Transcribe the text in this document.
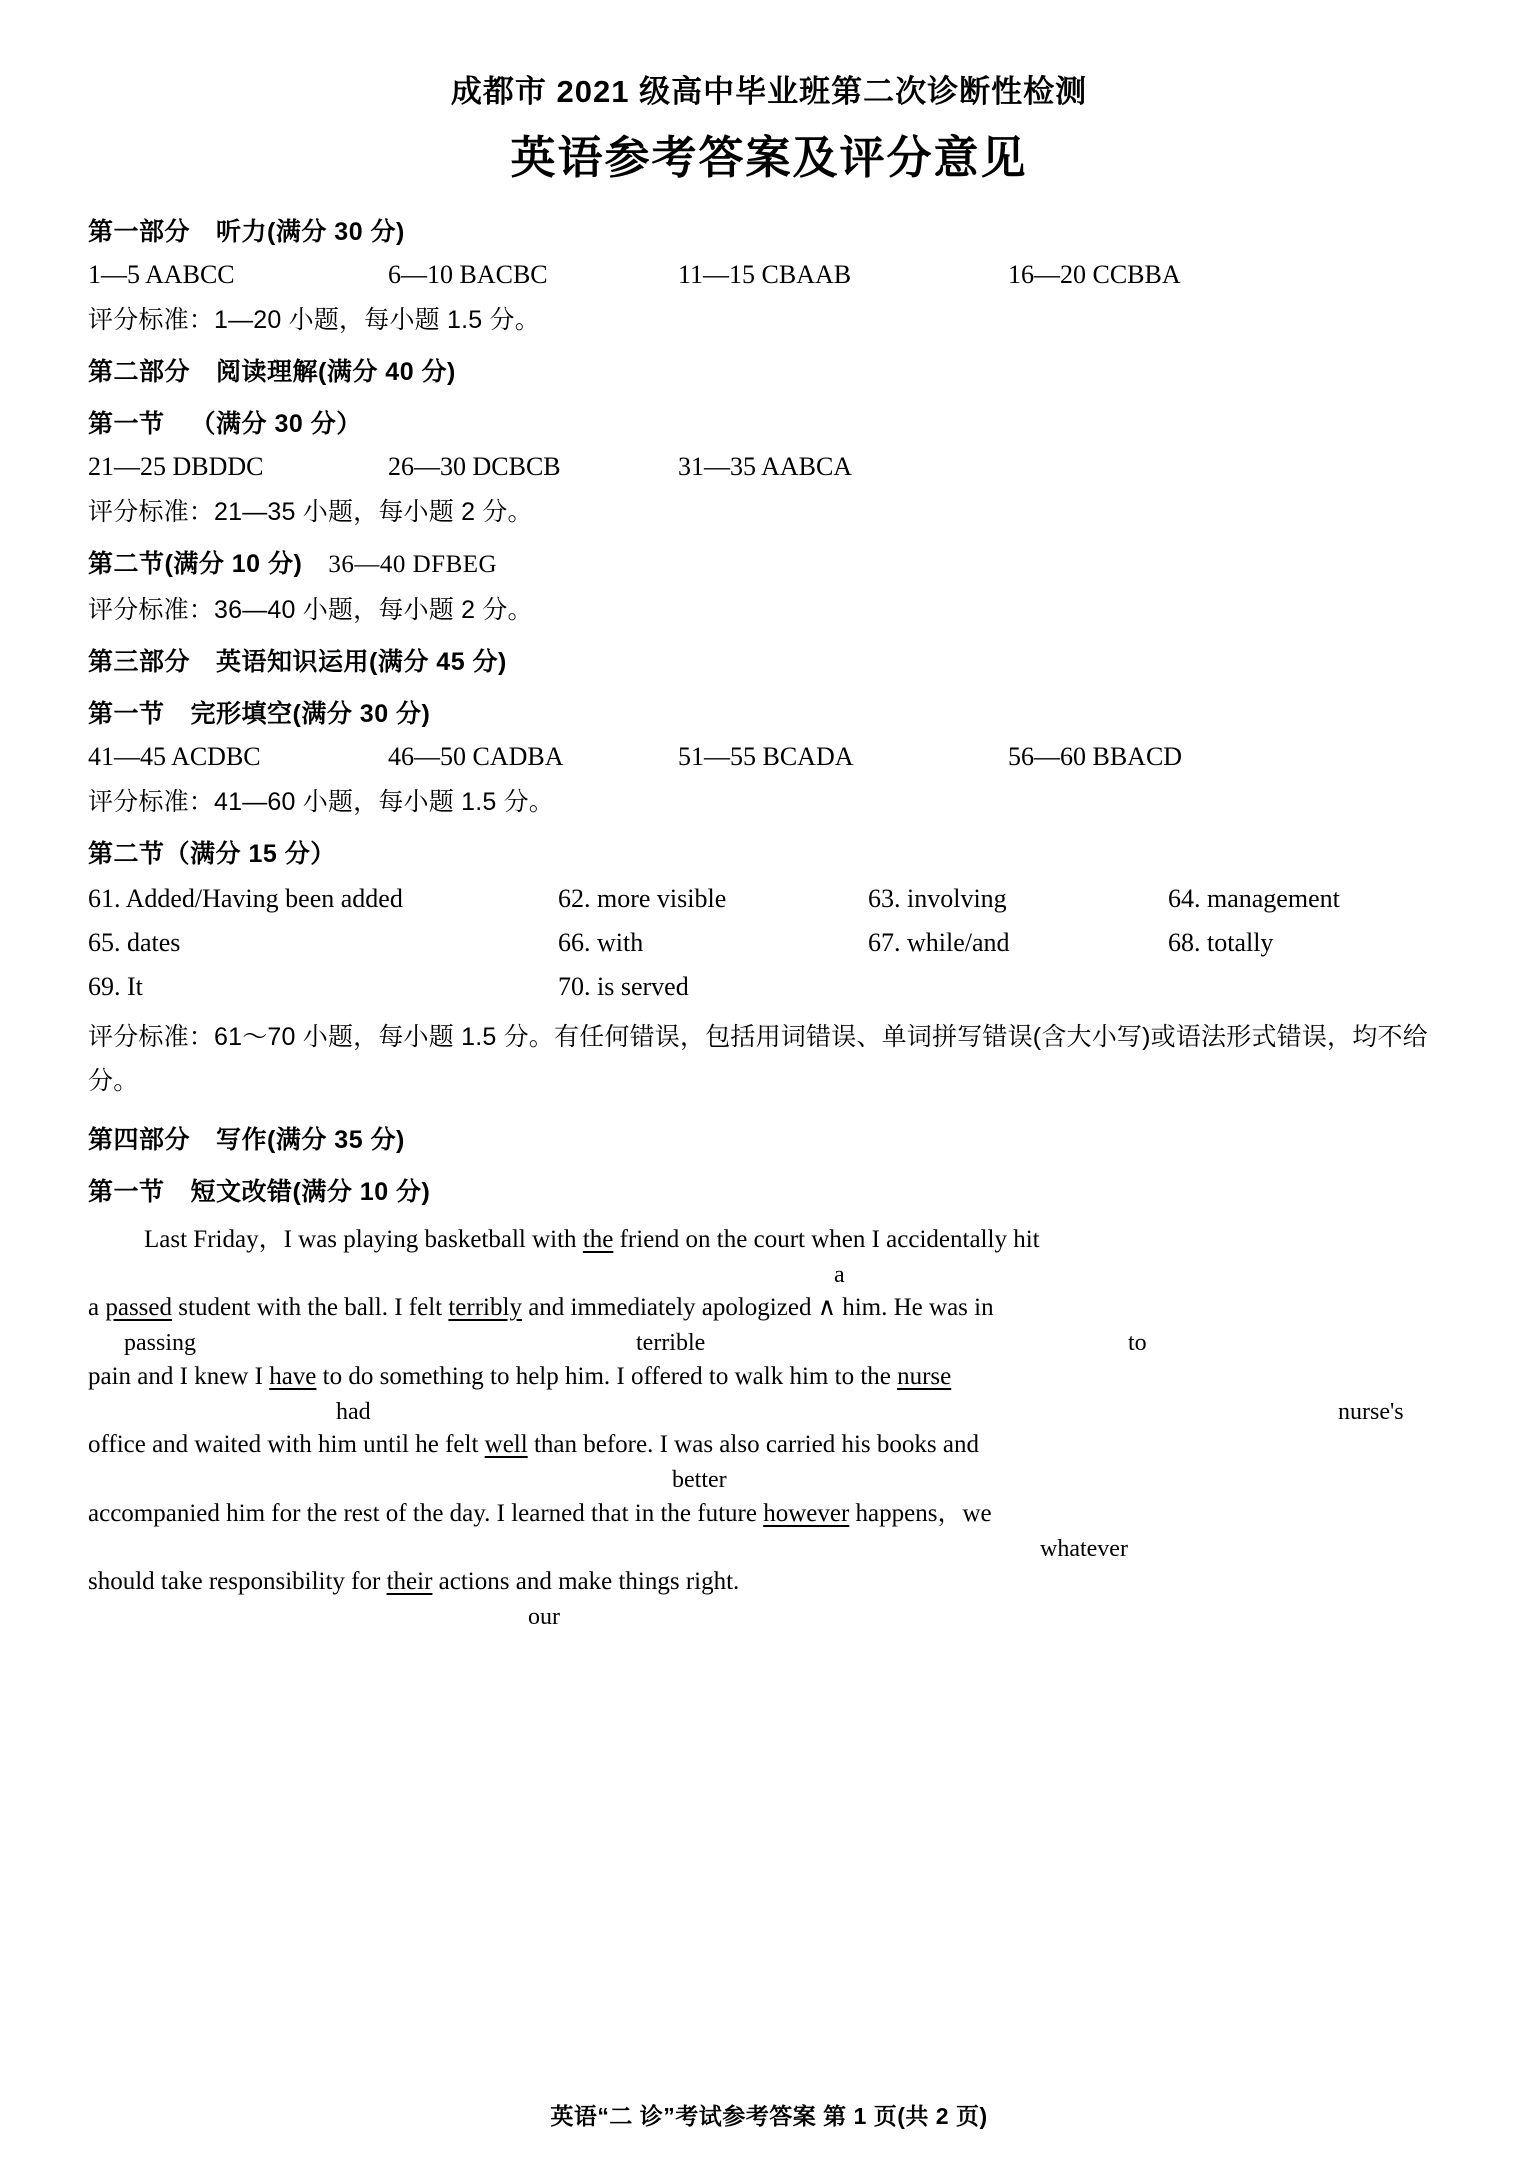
成都市 2021 级高中毕业班第二次诊断性检测
英语参考答案及评分意见
第一部分 听力(满分 30 分)
1—5 AABCC	6—10 BACBC	11—15 CBAAB	16—20 CCBBA
评分标准：1—20 小题，每小题 1.5 分。
第二部分 阅读理解(满分 40 分)
第一节 （满分 30 分）
21—25 DBDDC	26—30 DCBCB	31—35 AABCA
评分标准：21—35 小题，每小题 2 分。
第二节(满分 10 分) 36—40 DFBEG
评分标准：36—40 小题，每小题 2 分。
第三部分 英语知识运用(满分 45 分)
第一节 完形填空(满分 30 分)
41—45 ACDBC	46—50 CADBA	51—55 BCADA	56—60 BBACD
评分标准：41—60 小题，每小题 1.5 分。
第二节（满分 15 分）
61. Added/Having been added	62. more visible	63. involving	64. management
65. dates	66. with	67. while/and	68. totally
69. It	70. is served
评分标准：61～70 小题，每小题 1.5 分。有任何错误，包括用词错误、单词拼写错误(含大小写)或语法形式错误，均不给分。
第四部分 写作(满分 35 分)
第一节 短文改错(满分 10 分)
Last Friday，I was playing basketball with the friend on the court when I accidentally hit
a
a passed student with the ball. I felt terribly and immediately apologized ∧ him. He was in
passing	terrible	to
pain and I knew I have to do something to help him. I offered to walk him to the nurse
had	nurse's
office and waited with him until he felt well than before. I was also carried his books and
better
accompanied him for the rest of the day. I learned that in the future however happens，we
whatever
should take responsibility for their actions and make things right.
our
英语“二 诊”考试参考答案 第 1 页(共 2 页)
